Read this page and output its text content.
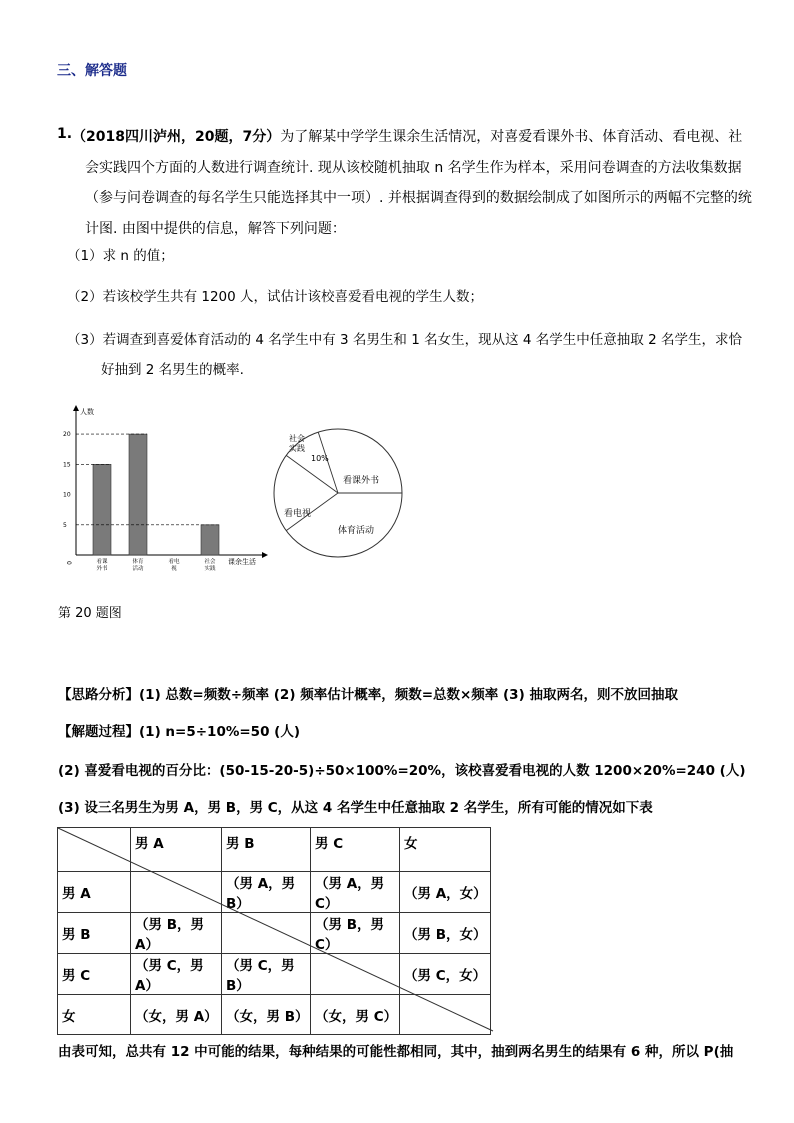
三、解答题
1. （2018四川泸州，20题，7分）为了解某中学学生课余生活情况，对喜爱看课外书、体育活动、看电视、社
会实践四个方面的人数进行调查统计. 现从该校随机抽取 n 名学生作为样本，采用问卷调查的方法收集数据
（参与问卷调查的每名学生只能选择其中一项）. 并根据调查得到的数据绘制成了如图所示的两幅不完整的统
计图. 由图中提供的信息，解答下列问题：
（1）求 n 的值；
（2）若该校学生共有 1200 人，试估计该校喜爱看电视的学生人数；
（3）若调查到喜爱体育活动的 4 名学生中有 3 名男生和 1 名女生，现从这 4 名学生中任意抽取 2 名学生，求恰
好抽到 2 名男生的概率.
人数
课余生活
0
5
10
15
20
看课
外书
体育
活动
看电
视
社会
实践
看课外书
体育活动
看电视
社会
实践
10%
第 20 题图
【思路分析】(1) 总数=频数÷频率 (2) 频率估计概率，频数=总数×频率 (3) 抽取两名，则不放回抽取
【解题过程】(1) n=5÷10%=50 (人)
(2) 喜爱看电视的百分比：(50-15-20-5)÷50×100%=20%，该校喜爱看电视的人数 1200×20%=240 (人)
(3) 设三名男生为男 A，男 B，男 C，从这 4 名学生中任意抽取 2 名学生，所有可能的情况如下表
	男 A	男 B	男 C	女
男 A		（男 A，男 B）	（男 A，男 C）	（男 A，女）
男 B	（男 B，男 A）		（男 B，男 C）	（男 B，女）
男 C	（男 C，男 A）	（男 C，男 B）		（男 C，女）
女	（女，男 A）	（女，男 B）	（女，男 C）	
由表可知，总共有 12 中可能的结果，每种结果的可能性都相同，其中，抽到两名男生的结果有 6 种，所以 P(抽
